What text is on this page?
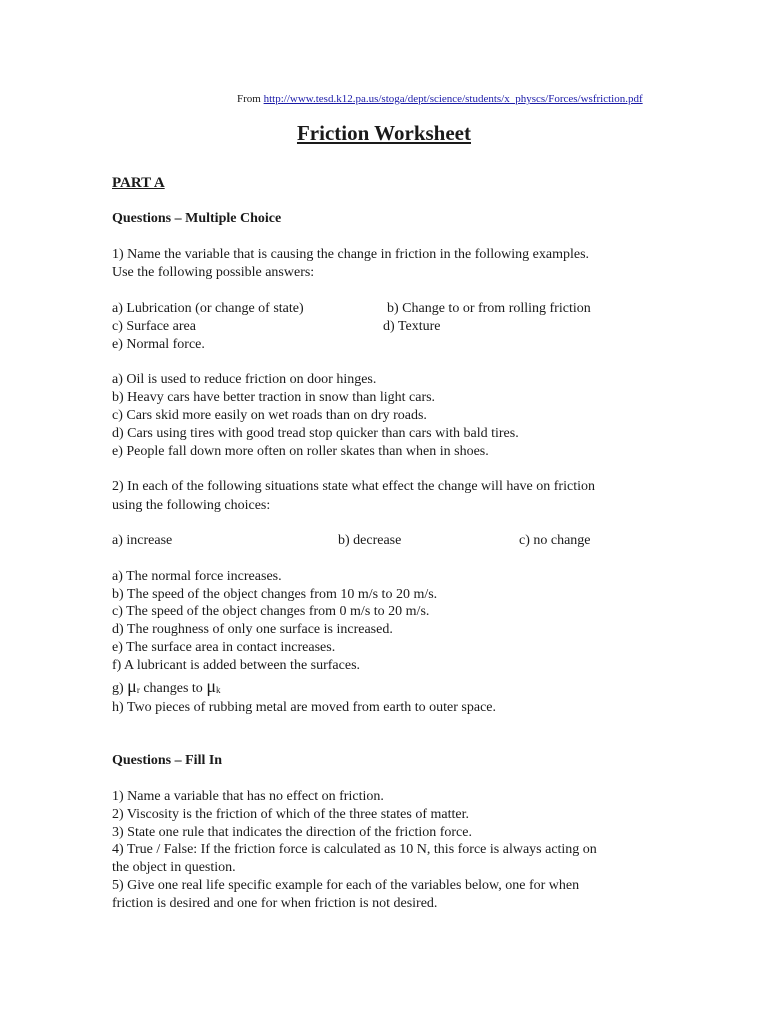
From http://www.tesd.k12.pa.us/stoga/dept/science/students/x_physcs/Forces/wsfriction.pdf
Friction Worksheet
PART A
Questions – Multiple Choice
1) Name the variable that is causing the change in friction in the following examples.
Use the following possible answers:
a) Lubrication (or change of state)	b) Change to or from rolling friction
c) Surface area	d) Texture
e) Normal force.
a) Oil is used to reduce friction on door hinges.
b) Heavy cars have better traction in snow than light cars.
c) Cars skid more easily on wet roads than on dry roads.
d) Cars using tires with good tread stop quicker than cars with bald tires.
e) People fall down more often on roller skates than when in shoes.
2) In each of the following situations state what effect the change will have on friction
using the following choices:
a) increase	b) decrease	c) no change
a) The normal force increases.
b) The speed of the object changes from 10 m/s to 20 m/s.
c) The speed of the object changes from 0 m/s to 20 m/s.
d) The roughness of only one surface is increased.
e) The surface area in contact increases.
f) A lubricant is added between the surfaces.
g) μr changes to μk
h) Two pieces of rubbing metal are moved from earth to outer space.
Questions – Fill In
1) Name a variable that has no effect on friction.
2) Viscosity is the friction of which of the three states of matter.
3) State one rule that indicates the direction of the friction force.
4) True / False: If the friction force is calculated as 10 N, this force is always acting on
the object in question.
5) Give one real life specific example for each of the variables below, one for when
friction is desired and one for when friction is not desired.
